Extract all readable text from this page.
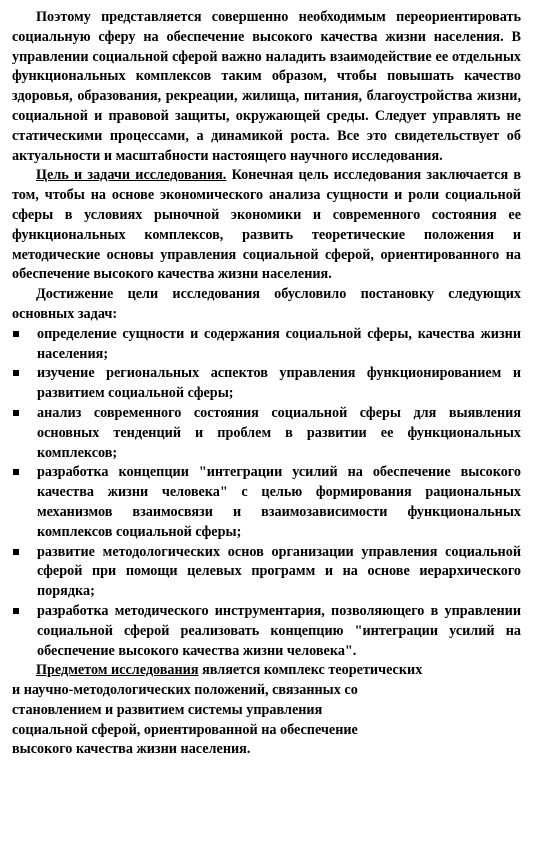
Поэтому представляется совершенно необходимым переориентировать социальную сферу на обеспечение высокого качества жизни населения. В управлении социальной сферой важно наладить взаимодействие ее отдельных функциональных комплексов таким образом, чтобы повышать качество здоровья, образования, рекреации, жилища, питания, благоустройства жизни, социальной и правовой защиты, окружающей среды. Следует управлять не статическими процессами, а динамикой роста. Все это свидетельствует об актуальности и масштабности настоящего научного исследования.

Цель и задачи исследования. Конечная цель исследования заключается в том, чтобы на основе экономического анализа сущности и роли социальной сферы в условиях рыночной экономики и современного состояния ее функциональных комплексов, развить теоретические положения и методические основы управления социальной сферой, ориентированного на обеспечение высокого качества жизни населения.

Достижение цели исследования обусловило постановку следующих основных задач:

определение сущности и содержания социальной сферы, качества жизни населения;
изучение региональных аспектов управления функционированием и развитием социальной сферы;
анализ современного состояния социальной сферы для выявления основных тенденций и проблем в развитии ее функциональных комплексов;
разработка концепции "интеграции усилий на обеспечение высокого качества жизни человека" с целью формирования рациональных механизмов взаимосвязи и взаимозависимости функциональных комплексов социальной сферы;
развитие методологических основ организации управления социальной сферой при помощи целевых программ и на основе иерархического порядка;
разработка методического инструментария, позволяющего в управлении социальной сферой реализовать концепцию "интеграции усилий на обеспечение высокого качества жизни человека".

Предметом исследования является комплекс теоретических

и научно-методологических положений, связанных со

становлением и развитием системы управления

социальной сферой, ориентированной на обеспечение

высокого качества жизни населения.
